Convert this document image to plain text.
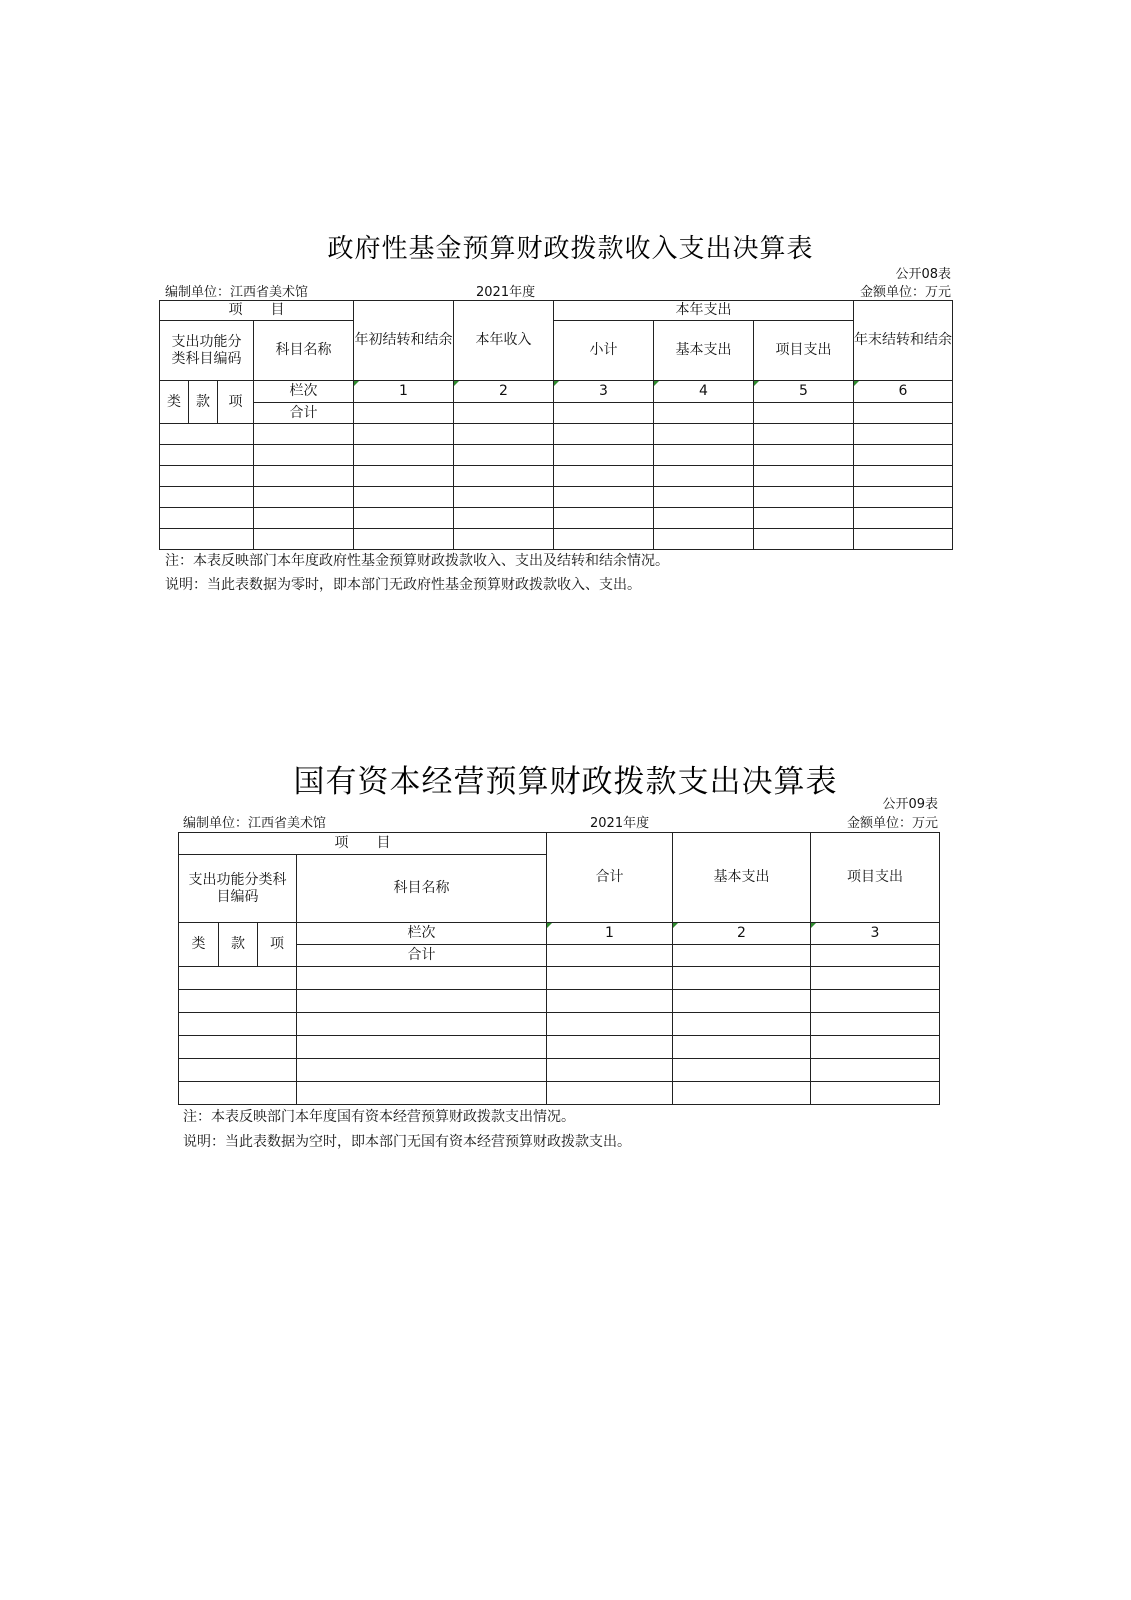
政府性基金预算财政拨款收入支出决算表
公开08表
编制单位：江西省美术馆	2021年度	金额单位：万元
项　　目				年初结转和结余	本年收入	本年支出			年末结转和结余
支出功能分类科目编码			科目名称			小计	基本支出	项目支出	
类	款	项	栏次	1	2	3	4	5	6
			合计						

注：本表反映部门本年度政府性基金预算财政拨款收入、支出及结转和结余情况。
说明：当此表数据为零时，即本部门无政府性基金预算财政拨款收入、支出。
国有资本经营预算财政拨款支出决算表
公开09表
编制单位：江西省美术馆	2021年度	金额单位：万元
项　　目				合计	基本支出	项目支出
支出功能分类科目编码			科目名称			
类	款	项	栏次	1	2	3
			合计			

注：本表反映部门本年度国有资本经营预算财政拨款支出情况。
说明：当此表数据为空时，即本部门无国有资本经营预算财政拨款支出。
